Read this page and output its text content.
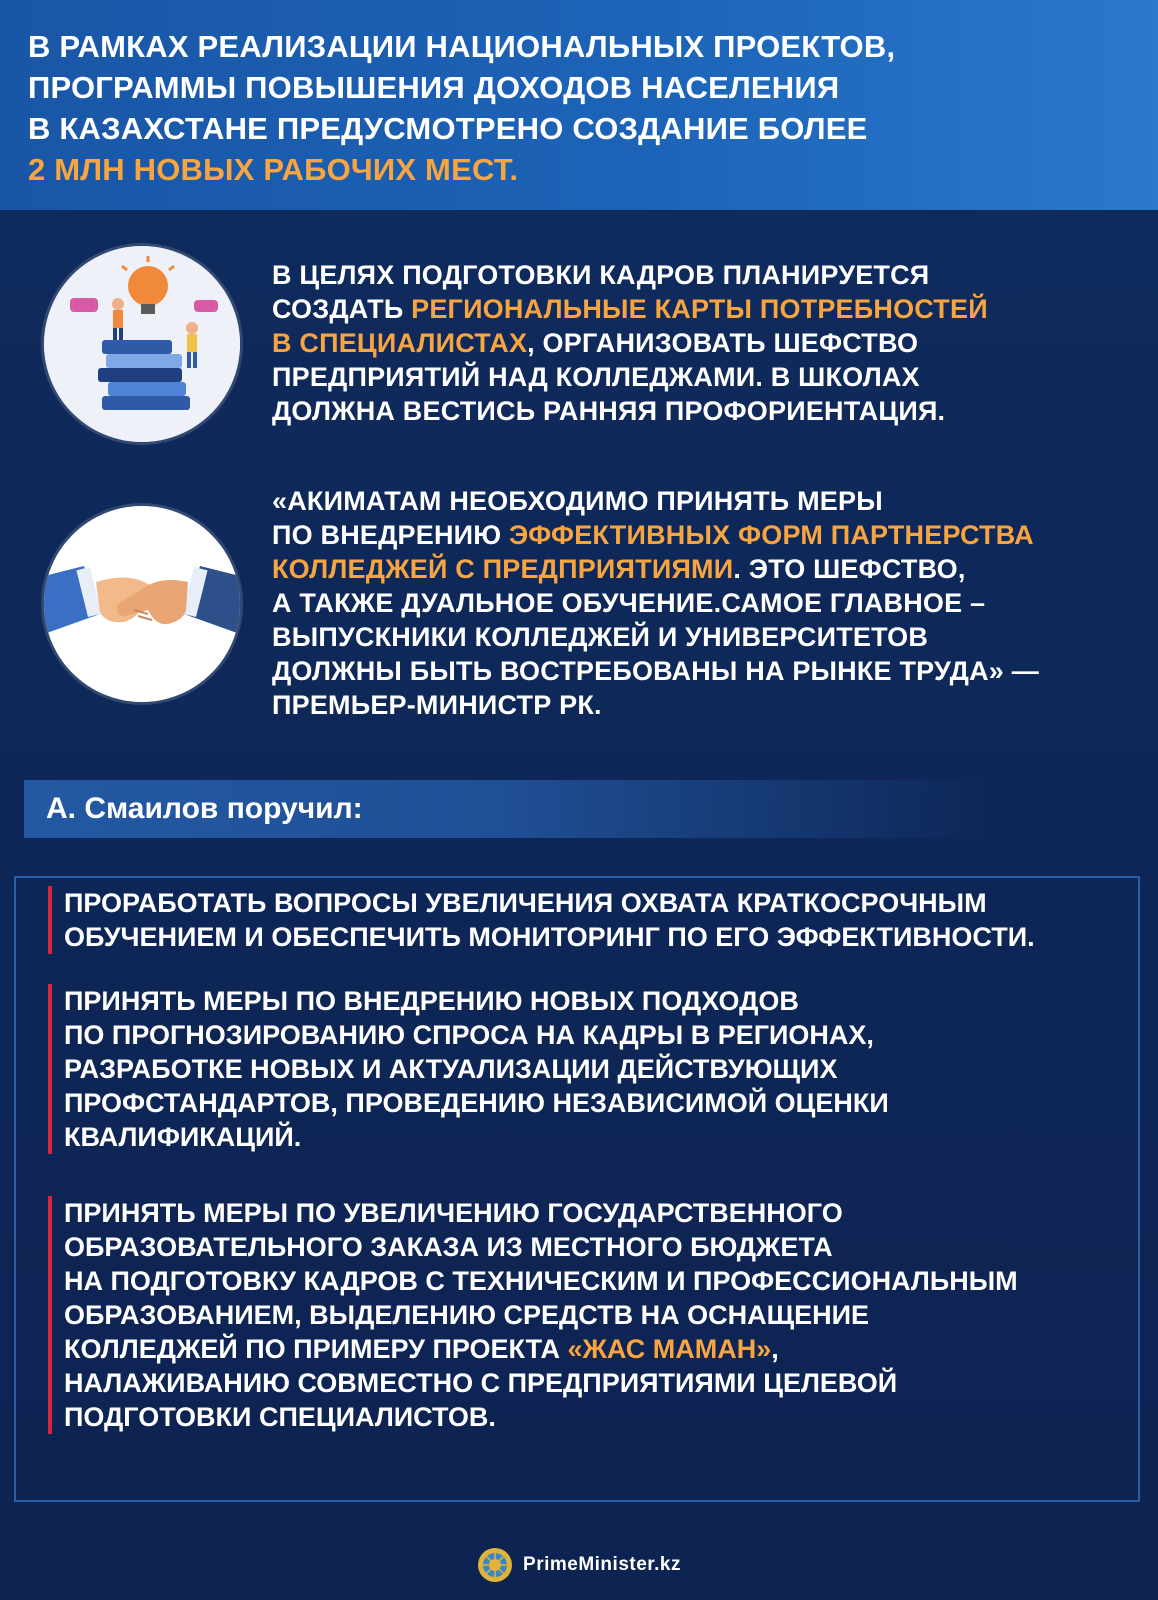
В РАМКАХ РЕАЛИЗАЦИИ НАЦИОНАЛЬНЫХ ПРОЕКТОВ,
ПРОГРАММЫ ПОВЫШЕНИЯ ДОХОДОВ НАСЕЛЕНИЯ
В КАЗАХСТАНЕ ПРЕДУСМОТРЕНО СОЗДАНИЕ БОЛЕЕ
2 МЛН НОВЫХ РАБОЧИХ МЕСТ.
В ЦЕЛЯХ ПОДГОТОВКИ КАДРОВ ПЛАНИРУЕТСЯ
СОЗДАТЬ РЕГИОНАЛЬНЫЕ КАРТЫ ПОТРЕБНОСТЕЙ
В СПЕЦИАЛИСТАХ, ОРГАНИЗОВАТЬ ШЕФСТВО
ПРЕДПРИЯТИЙ НАД КОЛЛЕДЖАМИ. В ШКОЛАХ
ДОЛЖНА ВЕСТИСЬ РАННЯЯ ПРОФОРИЕНТАЦИЯ.
«АКИМАТАМ НЕОБХОДИМО ПРИНЯТЬ МЕРЫ
ПО ВНЕДРЕНИЮ ЭФФЕКТИВНЫХ ФОРМ ПАРТНЕРСТВА
КОЛЛЕДЖЕЙ С ПРЕДПРИЯТИЯМИ. ЭТО ШЕФСТВО,
А ТАКЖЕ ДУАЛЬНОЕ ОБУЧЕНИЕ.САМОЕ ГЛАВНОЕ –
ВЫПУСКНИКИ КОЛЛЕДЖЕЙ И УНИВЕРСИТЕТОВ
ДОЛЖНЫ БЫТЬ ВОСТРЕБОВАНЫ НА РЫНКЕ ТРУДА» —
ПРЕМЬЕР-МИНИСТР РК.
А. Смаилов поручил:
ПРОРАБОТАТЬ ВОПРОСЫ УВЕЛИЧЕНИЯ ОХВАТА КРАТКОСРОЧНЫМ
ОБУЧЕНИЕМ И ОБЕСПЕЧИТЬ МОНИТОРИНГ ПО ЕГО ЭФФЕКТИВНОСТИ.
ПРИНЯТЬ МЕРЫ ПО ВНЕДРЕНИЮ НОВЫХ ПОДХОДОВ
ПО ПРОГНОЗИРОВАНИЮ СПРОСА НА КАДРЫ В РЕГИОНАХ,
РАЗРАБОТКЕ НОВЫХ И АКТУАЛИЗАЦИИ ДЕЙСТВУЮЩИХ
ПРОФСТАНДАРТОВ, ПРОВЕДЕНИЮ НЕЗАВИСИМОЙ ОЦЕНКИ
КВАЛИФИКАЦИЙ.
ПРИНЯТЬ МЕРЫ ПО УВЕЛИЧЕНИЮ ГОСУДАРСТВЕННОГО
ОБРАЗОВАТЕЛЬНОГО ЗАКАЗА ИЗ МЕСТНОГО БЮДЖЕТА
НА ПОДГОТОВКУ КАДРОВ С ТЕХНИЧЕСКИМ И ПРОФЕССИОНАЛЬНЫМ
ОБРАЗОВАНИЕМ, ВЫДЕЛЕНИЮ СРЕДСТВ НА ОСНАЩЕНИЕ
КОЛЛЕДЖЕЙ ПО ПРИМЕРУ ПРОЕКТА «ЖАС МАМАН»,
НАЛАЖИВАНИЮ СОВМЕСТНО С ПРЕДПРИЯТИЯМИ ЦЕЛЕВОЙ
ПОДГОТОВКИ СПЕЦИАЛИСТОВ.
PrimeMinister.kz
